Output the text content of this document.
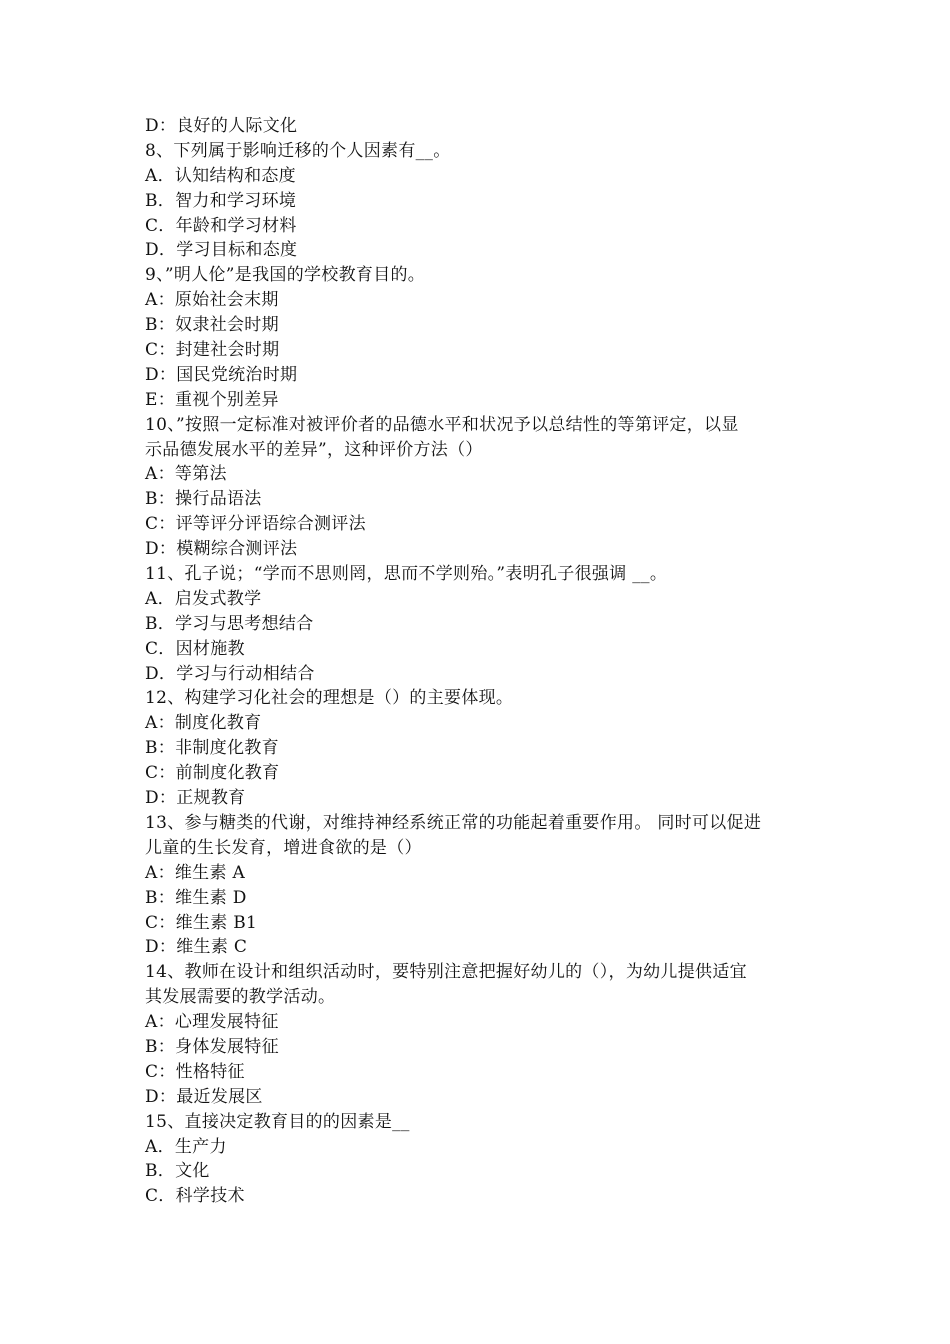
D：良好的人际文化
8、下列属于影响迁移的个人因素有__。
A．认知结构和态度
B．智力和学习环境
C．年龄和学习材料
D．学习目标和态度
9、”明人伦”是我国的学校教育目的。
A：原始社会末期
B：奴隶社会时期
C：封建社会时期
D：国民党统治时期
E：重视个别差异
10、”按照一定标准对被评价者的品德水平和状况予以总结性的等第评定，以显
示品德发展水平的差异”，这种评价方法（）
A：等第法
B：操行品语法
C：评等评分评语综合测评法
D：模糊综合测评法
11、孔子说；“学而不思则罔，思而不学则殆。”表明孔子很强调 __。
A．启发式教学
B．学习与思考想结合
C．因材施教
D．学习与行动相结合
12、构建学习化社会的理想是（）的主要体现。
A：制度化教育
B：非制度化教育
C：前制度化教育
D：正规教育
13、参与糖类的代谢，对维持神经系统正常的功能起着重要作用。 同时可以促进
儿童的生长发育，增进食欲的是（）
A：维生素 A
B：维生素 D
C：维生素 B1
D：维生素 C
14、教师在设计和组织活动时，要特别注意把握好幼儿的（），为幼儿提供适宜
其发展需要的教学活动。
A：心理发展特征
B：身体发展特征
C：性格特征
D：最近发展区
15、直接决定教育目的的因素是__
A．生产力
B．文化
C．科学技术
